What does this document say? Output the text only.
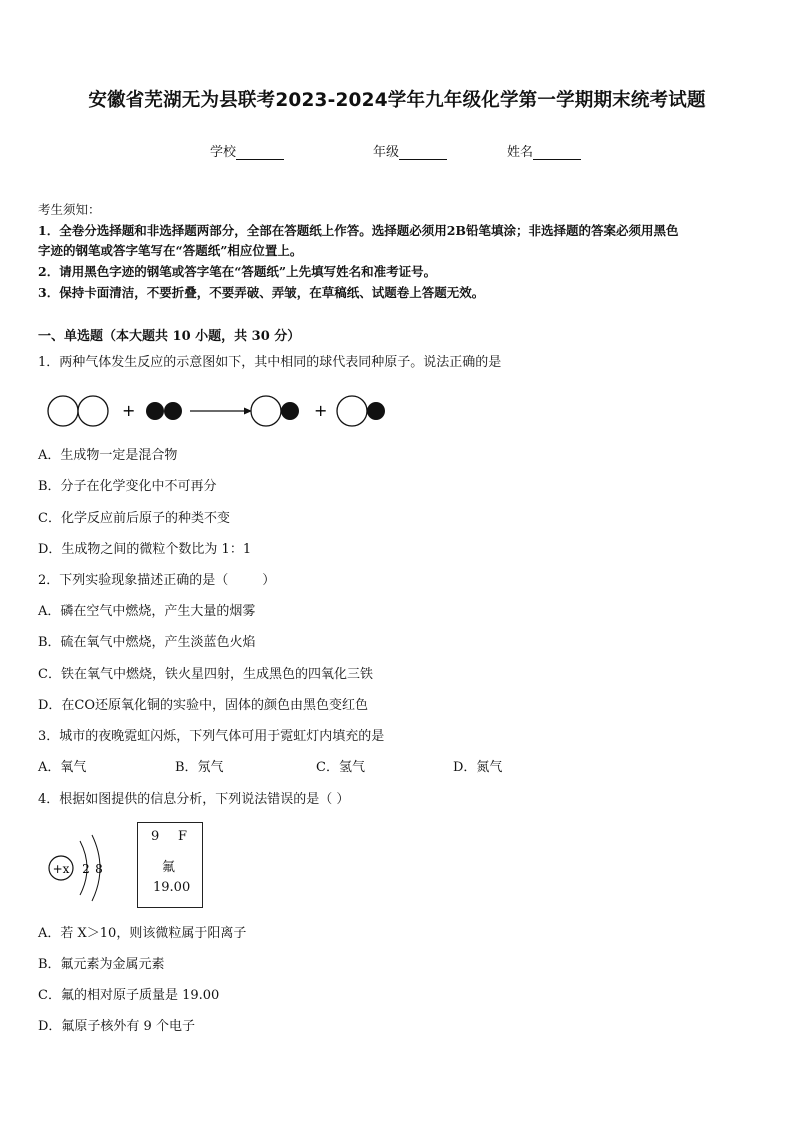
安徽省芜湖无为县联考2023-2024学年九年级化学第一学期期末统考试题
学校	年级	姓名
考生须知：
1．全卷分选择题和非选择题两部分，全部在答题纸上作答。选择题必须用2B铅笔填涂；非选择题的答案必须用黑色
字迹的钢笔或答字笔写在“答题纸”相应位置上。
2．请用黑色字迹的钢笔或答字笔在“答题纸”上先填写姓名和准考证号。
3．保持卡面清洁，不要折叠，不要弄破、弄皱，在草稿纸、试题卷上答题无效。
一、单选题（本大题共 10 小题，共 30 分）
1．两种气体发生反应的示意图如下，其中相同的球代表同种原子。说法正确的是
+	+
A．生成物一定是混合物
B．分子在化学变化中不可再分
C．化学反应前后原子的种类不变
D．生成物之间的微粒个数比为 1：1
2．下列实验现象描述正确的是（	）
A．磷在空气中燃烧，产生大量的烟雾
B．硫在氧气中燃烧，产生淡蓝色火焰
C．铁在氧气中燃烧，铁火星四射，生成黑色的四氧化三铁
D．在CO还原氧化铜的实验中，固体的颜色由黑色变红色
3．城市的夜晚霓虹闪烁，下列气体可用于霓虹灯内填充的是
A．氧气	B．氖气	C．氢气	D．氮气
4．根据如图提供的信息分析，下列说法错误的是（ ）
+x 2 8
9 F
氟
19.00
A．若 X＞10，则该微粒属于阳离子
B．氟元素为金属元素
C．氟的相对原子质量是 19.00
D．氟原子核外有 9 个电子
